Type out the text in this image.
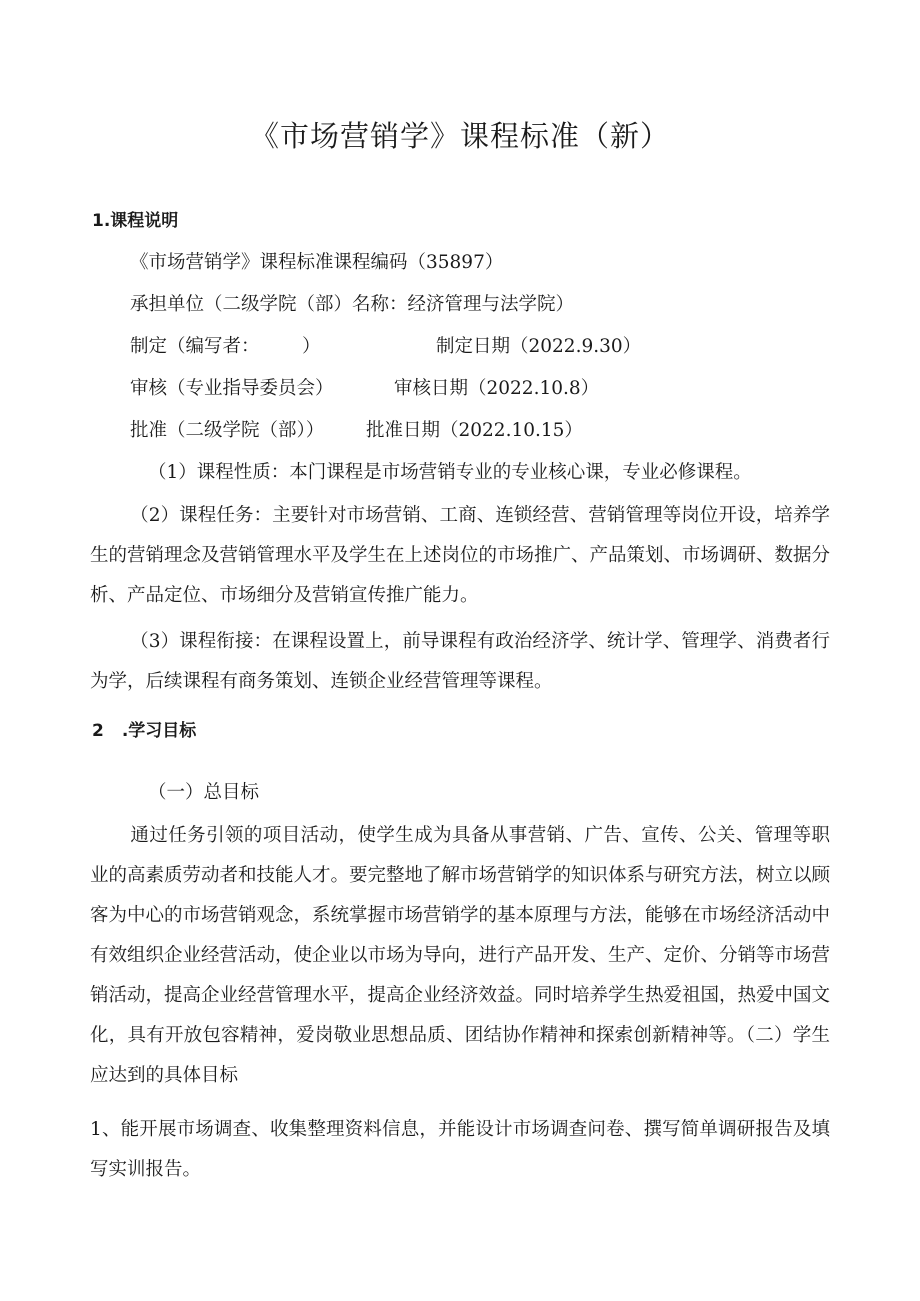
《市场营销学》课程标准（新）
1.课程说明
《市场营销学》课程标准课程编码（35897）
承担单位（二级学院（部）名称：经济管理与法学院）
制定（编写者： ）	制定日期（2022.9.30）
审核（专业指导委员会）	审核日期（2022.10.8）
批准（二级学院（部）） 批准日期（2022.10.15）
（1）课程性质：本门课程是市场营销专业的专业核心课，专业必修课程。
（2）课程任务：主要针对市场营销、工商、连锁经营、营销管理等岗位开设，培养学生的营销理念及营销管理水平及学生在上述岗位的市场推广、产品策划、市场调研、数据分析、产品定位、市场细分及营销宣传推广能力。
（3）课程衔接：在课程设置上，前导课程有政治经济学、统计学、管理学、消费者行为学，后续课程有商务策划、连锁企业经营管理等课程。
2 .学习目标
（一）总目标
通过任务引领的项目活动，使学生成为具备从事营销、广告、宣传、公关、管理等职业的高素质劳动者和技能人才。要完整地了解市场营销学的知识体系与研究方法，树立以顾客为中心的市场营销观念，系统掌握市场营销学的基本原理与方法，能够在市场经济活动中有效组织企业经营活动，使企业以市场为导向，进行产品开发、生产、定价、分销等市场营销活动，提高企业经营管理水平，提高企业经济效益。同时培养学生热爱祖国，热爱中国文化，具有开放包容精神，爱岗敬业思想品质、团结协作精神和探索创新精神等。（二）学生应达到的具体目标
1、能开展市场调查、收集整理资料信息，并能设计市场调查问卷、撰写简单调研报告及填写实训报告。
